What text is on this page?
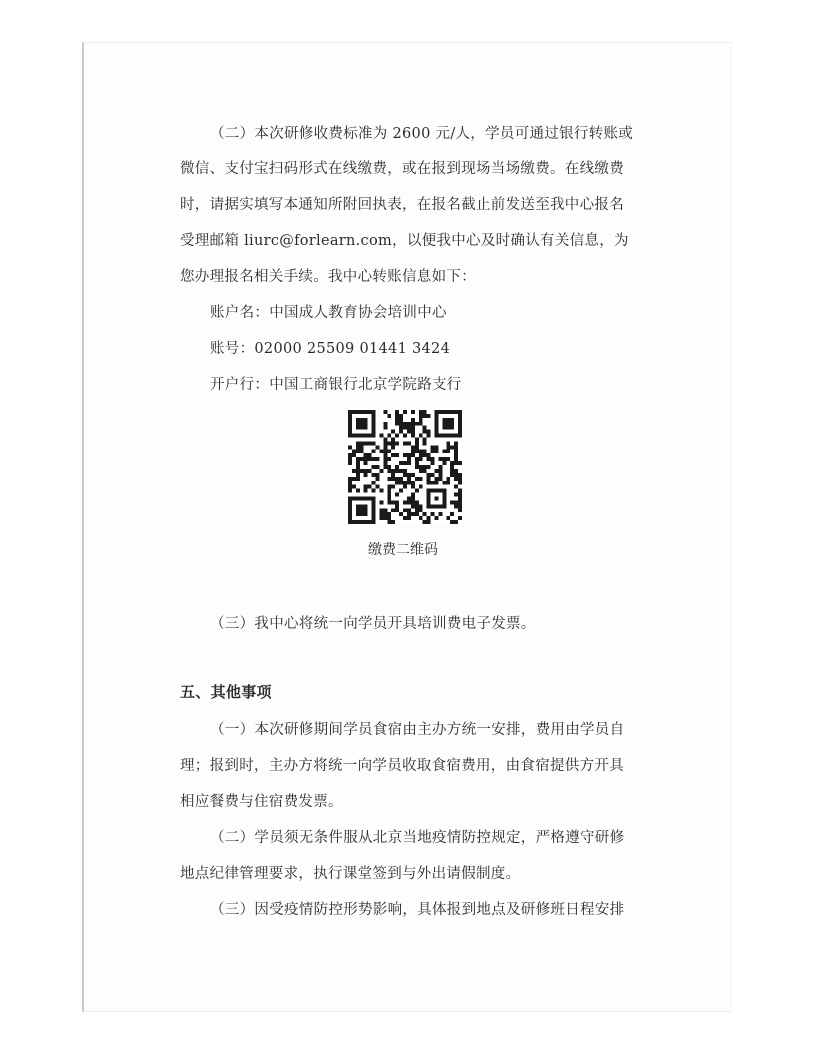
（二）本次研修收费标准为 2600 元/人，学员可通过银行转账或
微信、支付宝扫码形式在线缴费，或在报到现场当场缴费。在线缴费
时，请据实填写本通知所附回执表，在报名截止前发送至我中心报名
受理邮箱 liurc@forlearn.com，以便我中心及时确认有关信息，为
您办理报名相关手续。我中心转账信息如下：
账户名：中国成人教育协会培训中心
账号：02000 25509 01441 3424
开户行：中国工商银行北京学院路支行
缴费二维码
（三）我中心将统一向学员开具培训费电子发票。
五、其他事项
（一）本次研修期间学员食宿由主办方统一安排，费用由学员自
理；报到时，主办方将统一向学员收取食宿费用，由食宿提供方开具
相应餐费与住宿费发票。
（二）学员须无条件服从北京当地疫情防控规定，严格遵守研修
地点纪律管理要求，执行课堂签到与外出请假制度。
（三）因受疫情防控形势影响，具体报到地点及研修班日程安排
